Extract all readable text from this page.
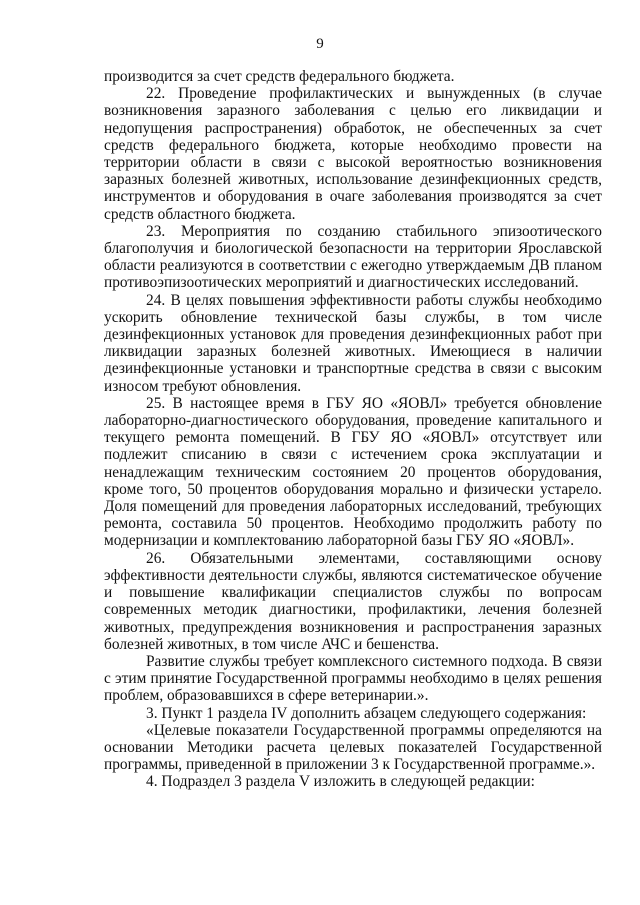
9

производится за счет средств федерального бюджета.

22. Проведение профилактических и вынужденных (в случае возникновения заразного заболевания с целью его ликвидации и недопущения распространения) обработок, не обеспеченных за счет средств федерального бюджета, которые необходимо провести на территории области в связи с высокой вероятностью возникновения заразных болезней животных, использование дезинфекционных средств, инструментов и оборудования в очаге заболевания производятся за счет средств областного бюджета.

23. Мероприятия по созданию стабильного эпизоотического благополучия и биологической безопасности на территории Ярославской области реализуются в соответствии с ежегодно утверждаемым ДВ планом противоэпизоотических мероприятий и диагностических исследований.

24. В целях повышения эффективности работы службы необходимо ускорить обновление технической базы службы, в том числе дезинфекционных установок для проведения дезинфекционных работ при ликвидации заразных болезней животных. Имеющиеся в наличии дезинфекционные установки и транспортные средства в связи с высоким износом требуют обновления.

25. В настоящее время в ГБУ ЯО «ЯОВЛ» требуется обновление лабораторно-диагностического оборудования, проведение капитального и текущего ремонта помещений. В ГБУ ЯО «ЯОВЛ» отсутствует или подлежит списанию в связи с истечением срока эксплуатации и ненадлежащим техническим состоянием 20 процентов оборудования, кроме того, 50 процентов оборудования морально и физически устарело. Доля помещений для проведения лабораторных исследований, требующих ремонта, составила 50 процентов. Необходимо продолжить работу по модернизации и комплектованию лабораторной базы ГБУ ЯО «ЯОВЛ».

26. Обязательными элементами, составляющими основу эффективности деятельности службы, являются систематическое обучение и повышение квалификации специалистов службы по вопросам современных методик диагностики, профилактики, лечения болезней животных, предупреждения возникновения и распространения заразных болезней животных, в том числе АЧС и бешенства.

Развитие службы требует комплексного системного подхода. В связи с этим принятие Государственной программы необходимо в целях решения проблем, образовавшихся в сфере ветеринарии.».

3. Пункт 1 раздела IV дополнить абзацем следующего содержания:

«Целевые показатели Государственной программы определяются на основании Методики расчета целевых показателей Государственной программы, приведенной в приложении 3 к Государственной программе.».

4. Подраздел 3 раздела V изложить в следующей редакции:
